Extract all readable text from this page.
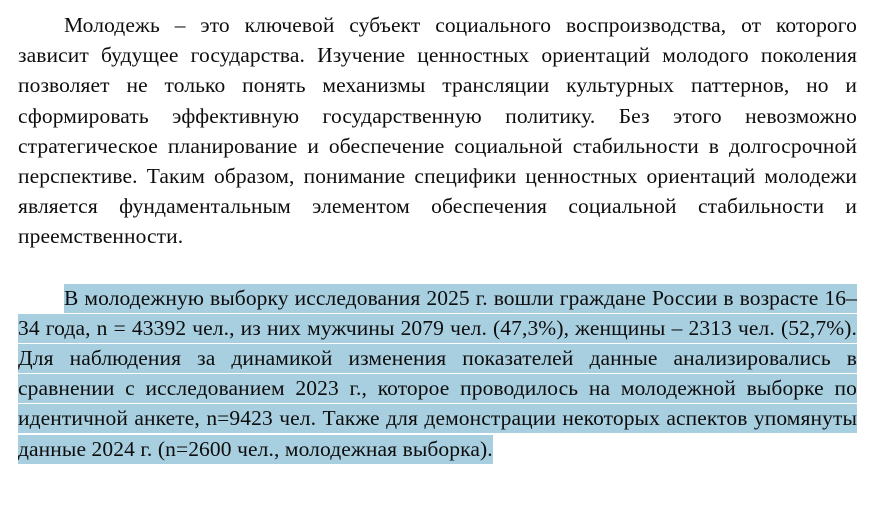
Молодежь – это ключевой субъект социального воспроизводства, от которого зависит будущее государства. Изучение ценностных ориентаций молодого поколения позволяет не только понять механизмы трансляции культурных паттернов, но и сформировать эффективную государственную политику. Без этого невозможно стратегическое планирование и обеспечение социальной стабильности в долгосрочной перспективе. Таким образом, понимание специфики ценностных ориентаций молодежи является фундаментальным элементом обеспечения социальной стабильности и преемственности.

В молодежную выборку исследования 2025 г. вошли граждане России в возрасте 16–34 года, n = 43392 чел., из них мужчины 2079 чел. (47,3%), женщины – 2313 чел. (52,7%). Для наблюдения за динамикой изменения показателей данные анализировались в сравнении с исследованием 2023 г., которое проводилось на молодежной выборке по идентичной анкете, n=9423 чел. Также для демонстрации некоторых аспектов упомянуты данные 2024 г. (n=2600 чел., молодежная выборка).
